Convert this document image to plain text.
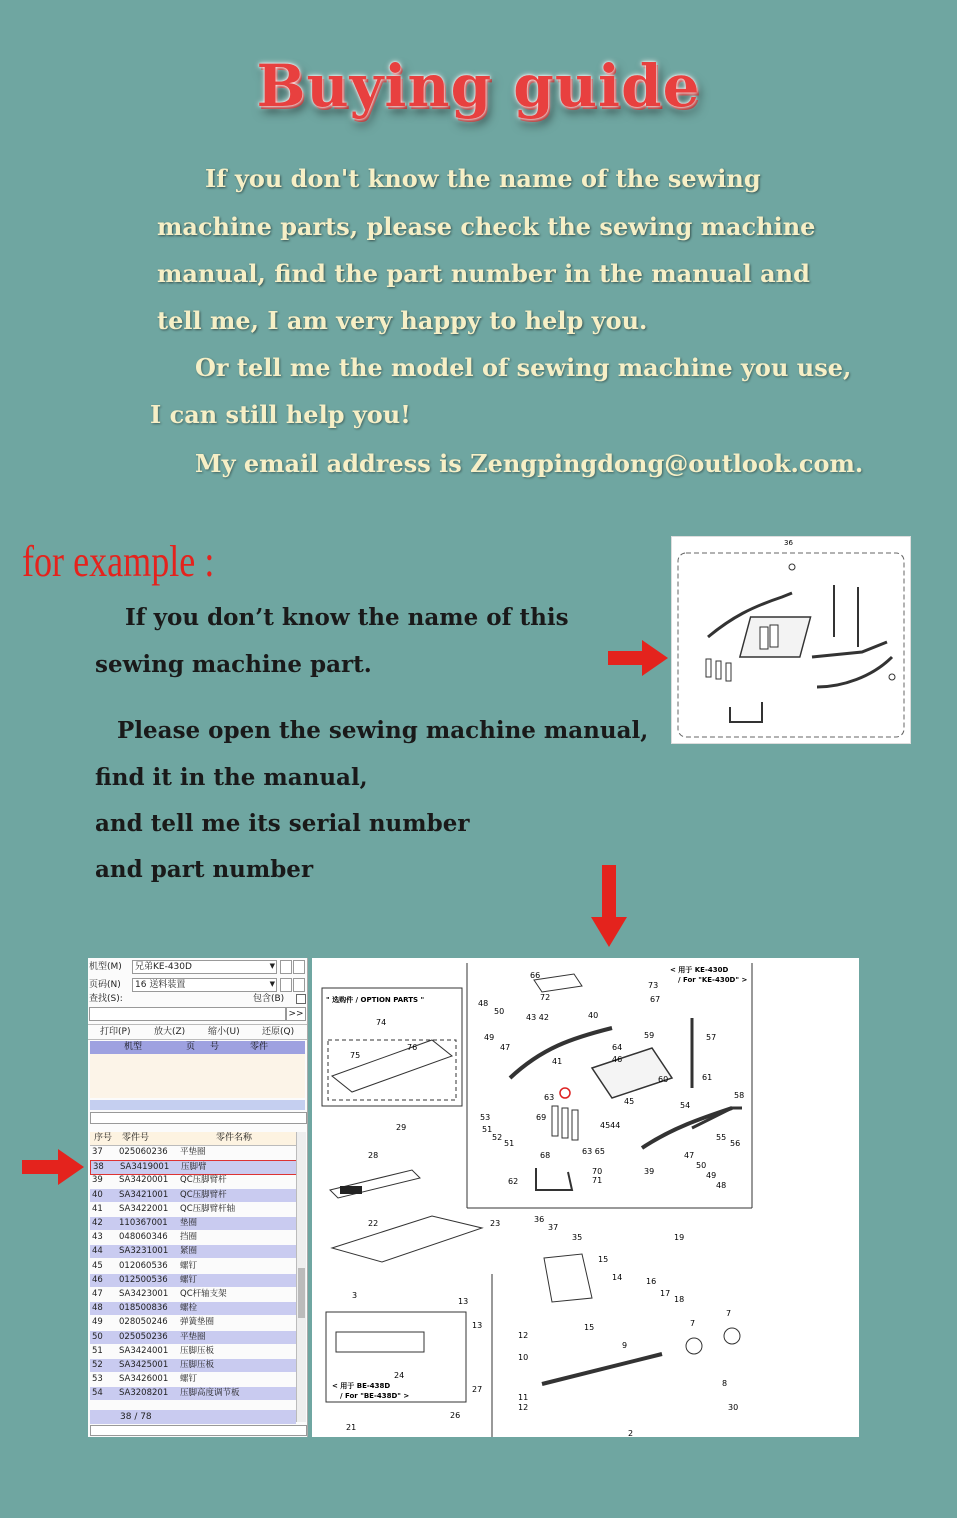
Buying guide
If you don't know the name of the sewing
machine parts, please check the sewing machine
manual, find the part number in the manual and
tell me, I am very happy to help you.
Or tell me the model of sewing machine you use,
I can still help you!
My email address is Zengpingdong@outlook.com.
for example :
If you don’t know the name of this
sewing machine part.
Please open the sewing machine manual,
find it in the manual,
and tell me its serial number
and part number
36
机型(M) 兄弟KE-430D	▼
页码(N) 16 送料装置	▼
查找(S):	包含(B)
>>
打印(P)	放大(Z)	缩小(U) 还原(Q)
机型	页 号	零件
序号 零件号	零件名称
37 025060236 平垫圈
38 SA3419001 压脚臂
39 SA3420001 QC压脚臂杆
40 SA3421001 QC压脚臂杆
41 SA3422001 QC压脚臂杆轴
42 110367001 垫圈
43 048060346 挡圈
44 SA3231001 紧圈
45 012060536 螺钉
46 012500536 螺钉
47 SA3423001 QC杆轴支架
48 018500836 螺栓
49 028050246 弹簧垫圈
50 025050236 平垫圈
51 SA3424001 压脚压板
52 SA3425001 压脚压板
53 SA3426001 螺钉
54 SA3208201 压脚高度调节板
38 / 78
" 选购件 / OPTION PARTS "
74
75
76
< 用于 KE-430D
/ For "KE-430D" >
66
72
73
67
48
50
49
47
43 42	40
59	57
64
46
41
60	61
58
54
63	45
4544
53
51
52
51
69
68	63 65
70
71
39
62
55
56
47
50
49
48
29
28
22	23
3
13
13
24
< 用于 BE-438D
/ For "BE-438D" >
27
26
21
36
37
35
15
14
15
16
17
18
19
12
10
9
11
12
7
7
8
30
2
